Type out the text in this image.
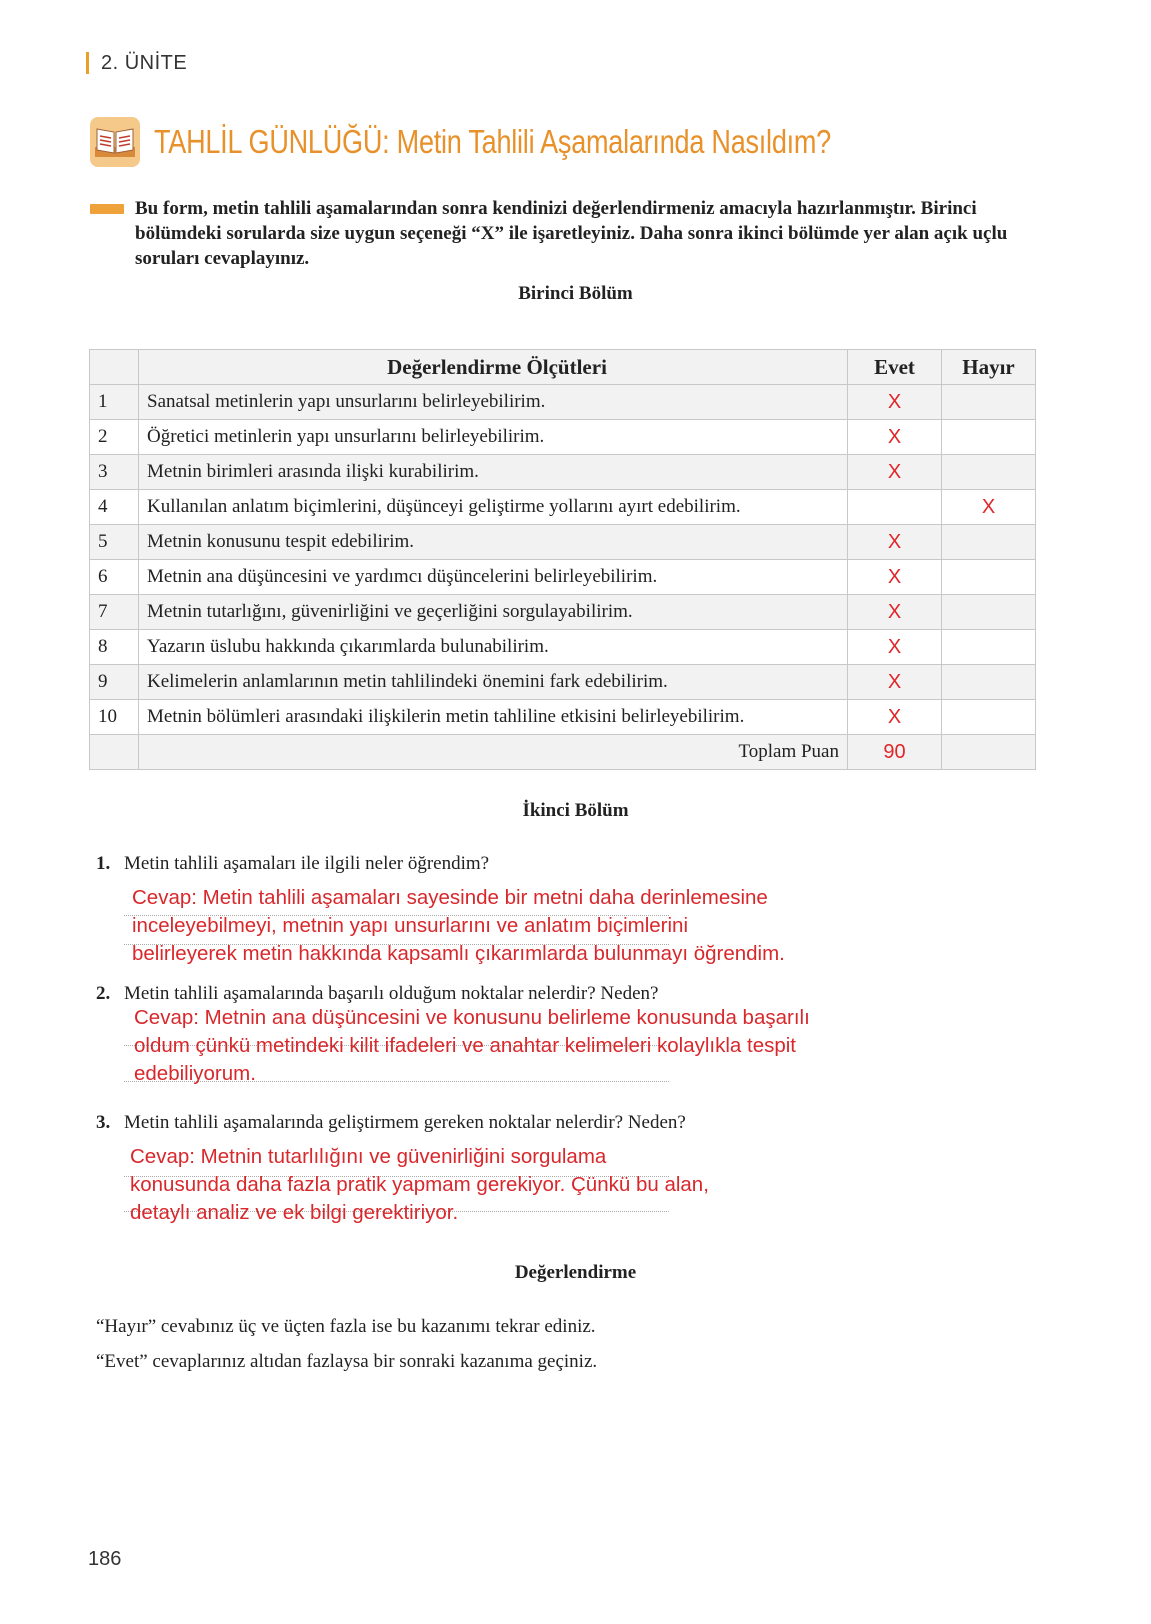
2. ÜNİTE
TAHLİL GÜNLÜĞÜ: Metin Tahlili Aşamalarında Nasıldım?
Bu form, metin tahlili aşamalarından sonra kendinizi değerlendirmeniz amacıyla hazırlanmıştır. Birinci bölümdeki sorularda size uygun seçeneği “X” ile işaretleyiniz. Daha sonra ikinci bölümde yer alan açık uçlu soruları cevaplayınız.
Birinci Bölüm
	Değerlendirme Ölçütleri	Evet	Hayır
1	Sanatsal metinlerin yapı unsurlarını belirleyebilirim.	X	
2	Öğretici metinlerin yapı unsurlarını belirleyebilirim.	X	
3	Metnin birimleri arasında ilişki kurabilirim.	X	
4	Kullanılan anlatım biçimlerini, düşünceyi geliştirme yollarını ayırt edebilirim.		X
5	Metnin konusunu tespit edebilirim.	X	
6	Metnin ana düşüncesini ve yardımcı düşüncelerini belirleyebilirim.	X	
7	Metnin tutarlığını, güvenirliğini ve geçerliğini sorgulayabilirim.	X	
8	Yazarın üslubu hakkında çıkarımlarda bulunabilirim.	X	
9	Kelimelerin anlamlarının metin tahlilindeki önemini fark edebilirim.	X	
10	Metnin bölümleri arasındaki ilişkilerin metin tahliline etkisini belirleyebilirim.	X	
	Toplam Puan	90	
İkinci Bölüm
1. Metin tahlili aşamaları ile ilgili neler öğrendim?
Cevap: Metin tahlili aşamaları sayesinde bir metni daha derinlemesine
inceleyebilmeyi, metnin yapı unsurlarını ve anlatım biçimlerini
belirleyerek metin hakkında kapsamlı çıkarımlarda bulunmayı öğrendim.
2. Metin tahlili aşamalarında başarılı olduğum noktalar nelerdir? Neden?
Cevap: Metnin ana düşüncesini ve konusunu belirleme konusunda başarılı
oldum çünkü metindeki kilit ifadeleri ve anahtar kelimeleri kolaylıkla tespit
edebiliyorum.
3. Metin tahlili aşamalarında geliştirmem gereken noktalar nelerdir? Neden?
Cevap: Metnin tutarlılığını ve güvenirliğini sorgulama
konusunda daha fazla pratik yapmam gerekiyor. Çünkü bu alan,
detaylı analiz ve ek bilgi gerektiriyor.
Değerlendirme
“Hayır” cevabınız üç ve üçten fazla ise bu kazanımı tekrar ediniz.
“Evet” cevaplarınız altıdan fazlaysa bir sonraki kazanıma geçiniz.
186
